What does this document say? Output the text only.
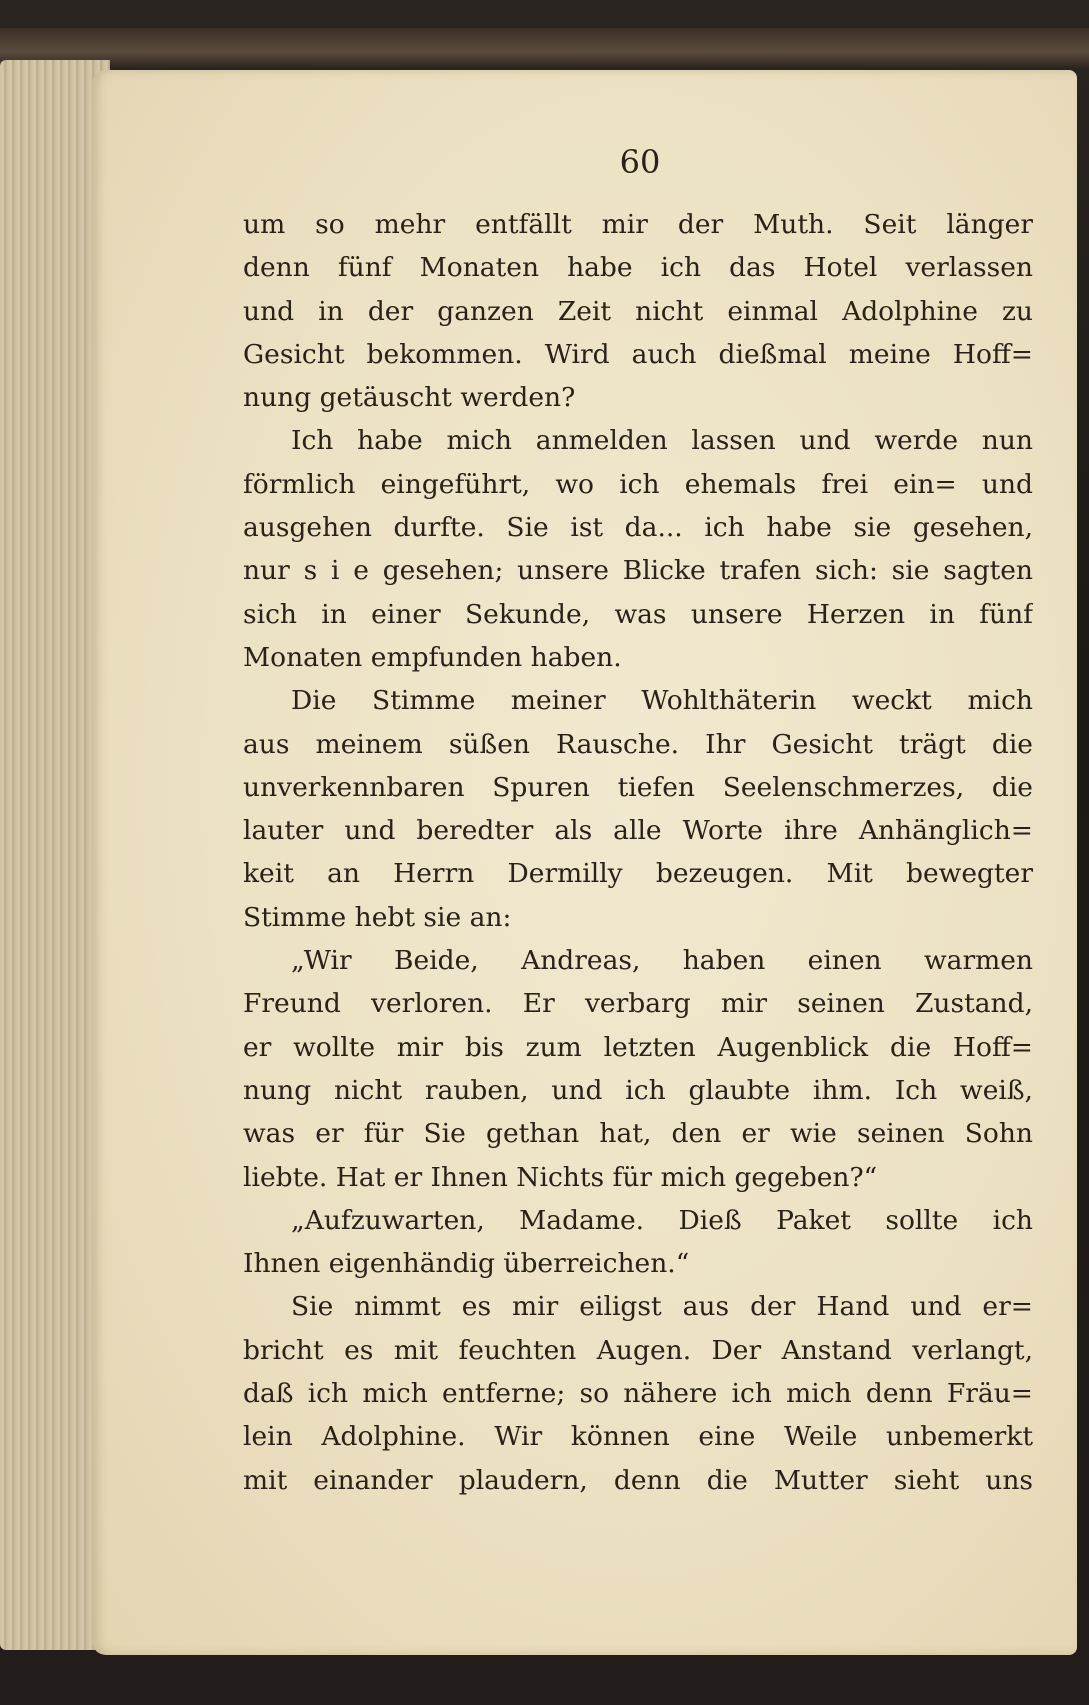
60
um so mehr entfällt mir der Muth. Seit länger
denn fünf Monaten habe ich das Hotel verlassen
und in der ganzen Zeit nicht einmal Adolphine zu
Gesicht bekommen. Wird auch dießmal meine Hoff=
nung getäuscht werden?
Ich habe mich anmelden lassen und werde nun
förmlich eingeführt, wo ich ehemals frei ein= und
ausgehen durfte. Sie ist da... ich habe sie gesehen,
nur s i e gesehen; unsere Blicke trafen sich: sie sagten
sich in einer Sekunde, was unsere Herzen in fünf
Monaten empfunden haben.
Die Stimme meiner Wohlthäterin weckt mich
aus meinem süßen Rausche. Ihr Gesicht trägt die
unverkennbaren Spuren tiefen Seelenschmerzes, die
lauter und beredter als alle Worte ihre Anhänglich=
keit an Herrn Dermilly bezeugen. Mit bewegter
Stimme hebt sie an:
„Wir Beide, Andreas, haben einen warmen
Freund verloren. Er verbarg mir seinen Zustand,
er wollte mir bis zum letzten Augenblick die Hoff=
nung nicht rauben, und ich glaubte ihm. Ich weiß,
was er für Sie gethan hat, den er wie seinen Sohn
liebte. Hat er Ihnen Nichts für mich gegeben?“
„Aufzuwarten, Madame. Dieß Paket sollte ich
Ihnen eigenhändig überreichen.“
Sie nimmt es mir eiligst aus der Hand und er=
bricht es mit feuchten Augen. Der Anstand verlangt,
daß ich mich entferne; so nähere ich mich denn Fräu=
lein Adolphine. Wir können eine Weile unbemerkt
mit einander plaudern, denn die Mutter sieht uns
